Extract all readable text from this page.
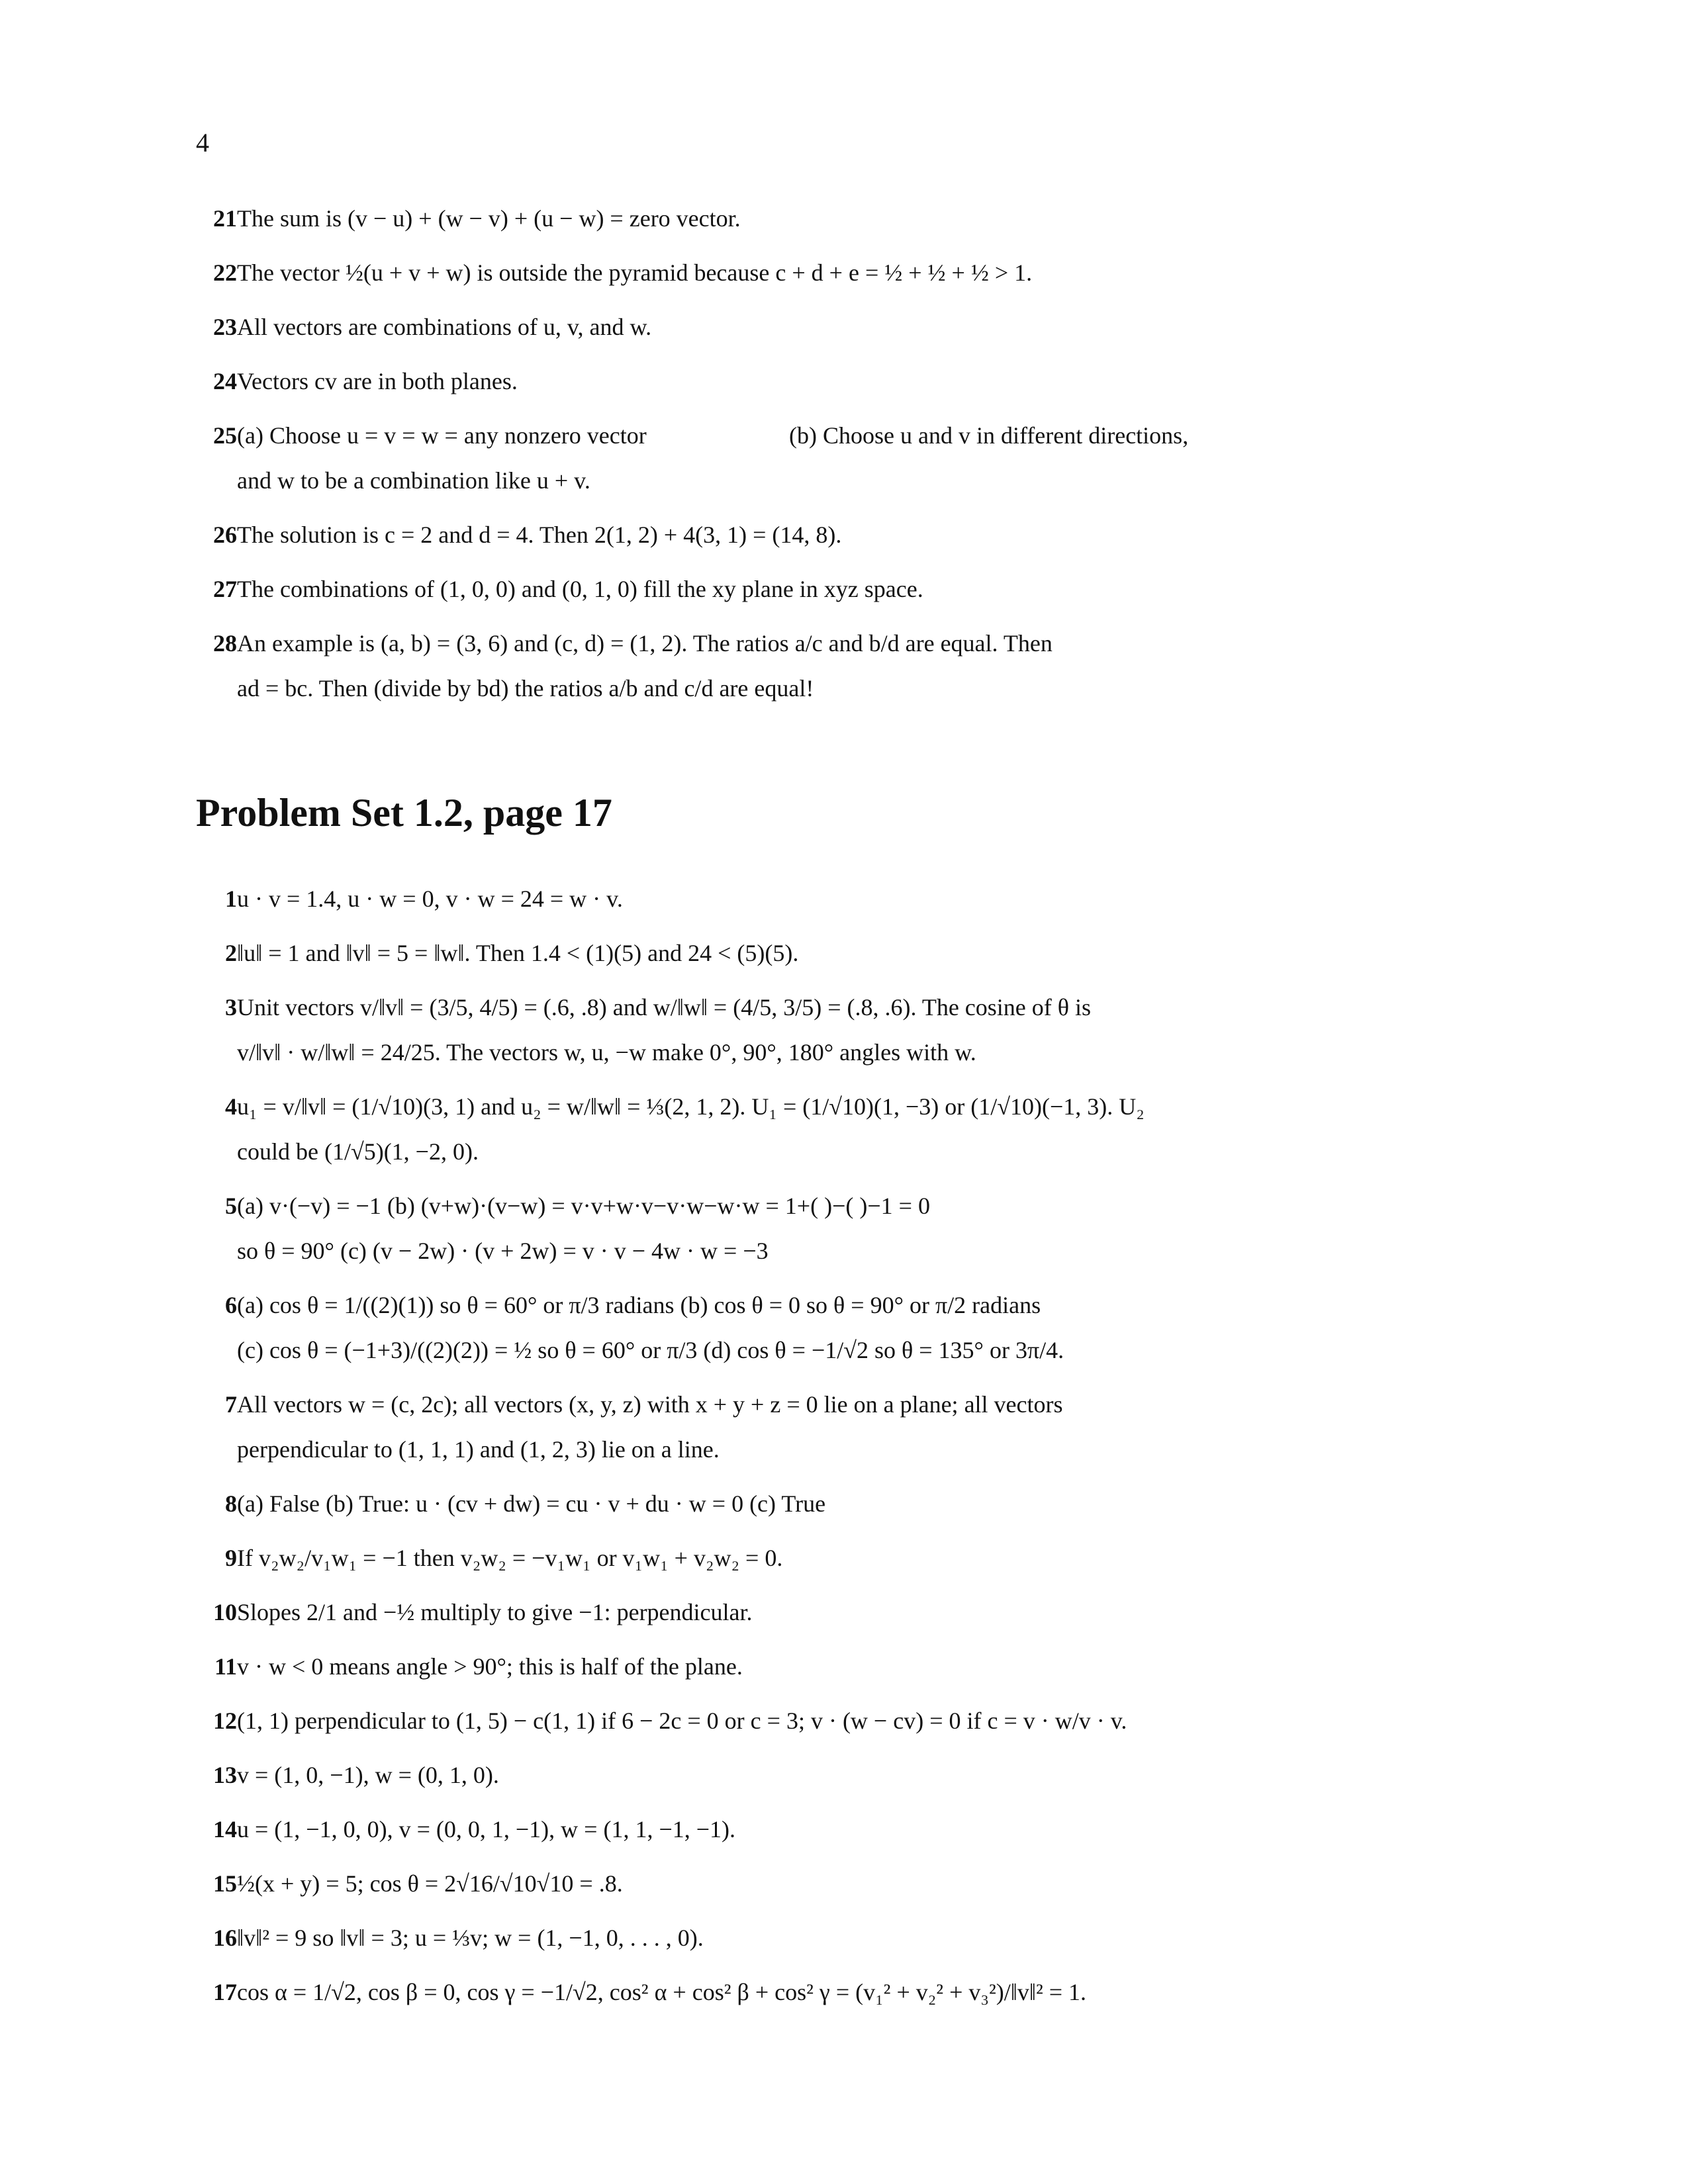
4
21 The sum is (v − u) + (w − v) + (u − w) = zero vector.
22 The vector ½(u + v + w) is outside the pyramid because c + d + e = ½ + ½ + ½ > 1.
23 All vectors are combinations of u, v, and w.
24 Vectors cv are in both planes.
25 (a) Choose u = v = w = any nonzero vector	(b) Choose u and v in different directions,
and w to be a combination like u + v.
26 The solution is c = 2 and d = 4. Then 2(1, 2) + 4(3, 1) = (14, 8).
27 The combinations of (1, 0, 0) and (0, 1, 0) fill the xy plane in xyz space.
28 An example is (a, b) = (3, 6) and (c, d) = (1, 2). The ratios a/c and b/d are equal. Then
ad = bc. Then (divide by bd) the ratios a/b and c/d are equal!
Problem Set 1.2, page 17
1 u · v = 1.4, u · w = 0, v · w = 24 = w · v.
2 ‖u‖ = 1 and ‖v‖ = 5 = ‖w‖. Then 1.4 < (1)(5) and 24 < (5)(5).
3 Unit vectors v/‖v‖ = (3/5, 4/5) = (.6, .8) and w/‖w‖ = (4/5, 3/5) = (.8, .6). The cosine of θ is
v/‖v‖ · w/‖w‖ = 24/25. The vectors w, u, −w make 0°, 90°, 180° angles with w.
4 u₁ = v/‖v‖ = (1/√10)(3, 1) and u₂ = w/‖w‖ = ⅓(2, 1, 2). U₁ = (1/√10)(1, −3) or (1/√10)(−1, 3). U₂
could be (1/√5)(1, −2, 0).
5 (a) v·(−v) = −1 (b) (v+w)·(v−w) = v·v+w·v−v·w−w·w = 1+( )−( )−1 = 0
so θ = 90° (c) (v − 2w) · (v + 2w) = v · v − 4w · w = −3
6 (a) cos θ = 1/((2)(1)) so θ = 60° or π/3 radians (b) cos θ = 0 so θ = 90° or π/2 radians
(c) cos θ = (−1+3)/((2)(2)) = ½ so θ = 60° or π/3 (d) cos θ = −1/√2 so θ = 135° or 3π/4.
7 All vectors w = (c, 2c); all vectors (x, y, z) with x + y + z = 0 lie on a plane; all vectors
perpendicular to (1, 1, 1) and (1, 2, 3) lie on a line.
8 (a) False (b) True: u · (cv + dw) = cu · v + du · w = 0 (c) True
9 If v₂w₂/v₁w₁ = −1 then v₂w₂ = −v₁w₁ or v₁w₁ + v₂w₂ = 0.
10 Slopes 2/1 and −½ multiply to give −1: perpendicular.
11 v · w < 0 means angle > 90°; this is half of the plane.
12 (1, 1) perpendicular to (1, 5) − c(1, 1) if 6 − 2c = 0 or c = 3; v · (w − cv) = 0 if c = v · w/v · v.
13 v = (1, 0, −1), w = (0, 1, 0).
14 u = (1, −1, 0, 0), v = (0, 0, 1, −1), w = (1, 1, −1, −1).
15 ½(x + y) = 5; cos θ = 2√16/√10√10 = .8.
16 ‖v‖² = 9 so ‖v‖ = 3; u = ⅓v; w = (1, −1, 0, . . . , 0).
17 cos α = 1/√2, cos β = 0, cos γ = −1/√2, cos² α + cos² β + cos² γ = (v₁² + v₂² + v₃²)/‖v‖² = 1.
